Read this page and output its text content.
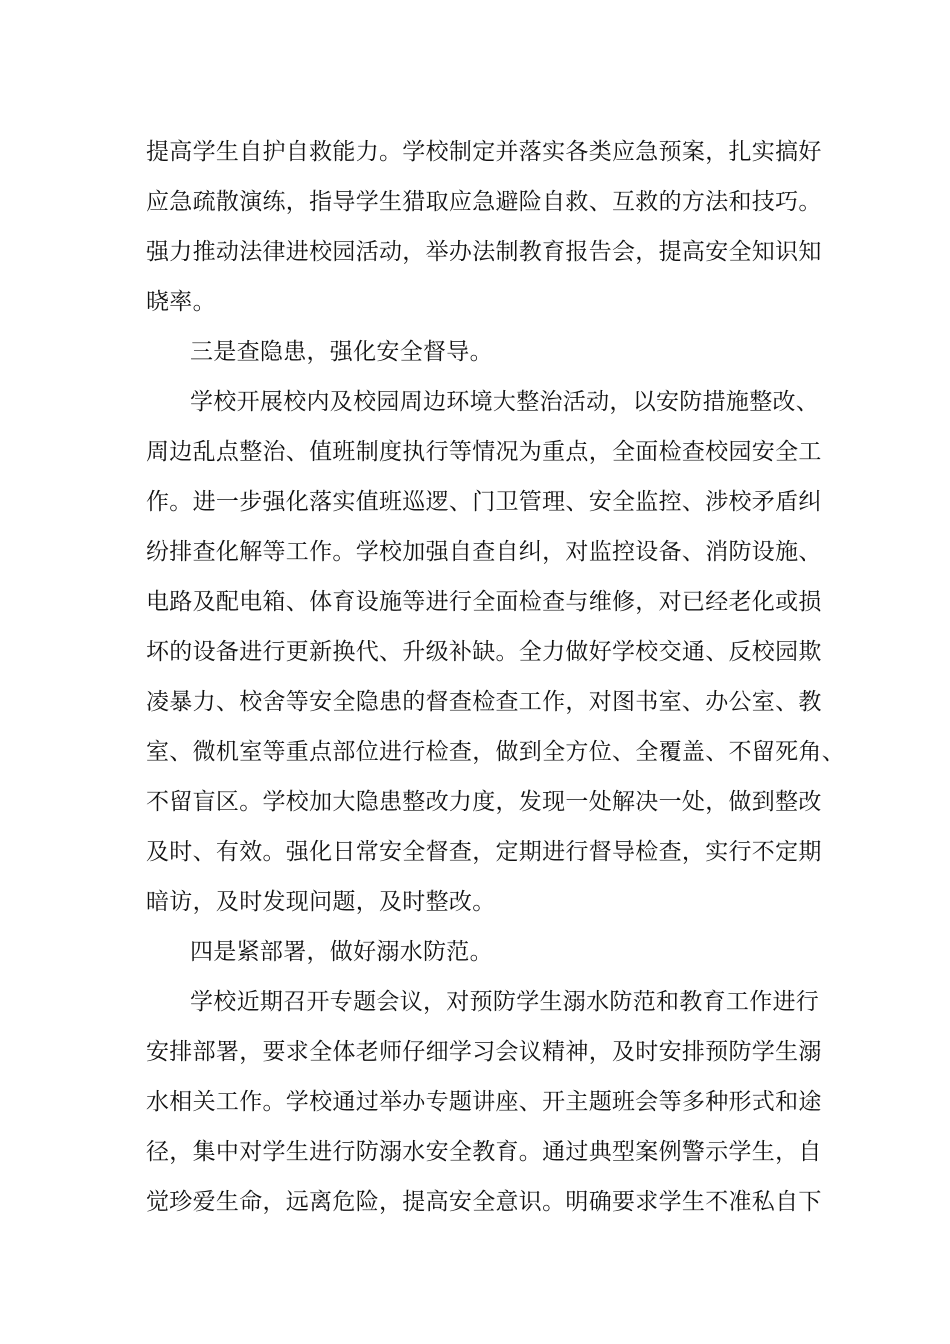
提高学生自护自救能力。学校制定并落实各类应急预案，扎实搞好
应急疏散演练，指导学生猎取应急避险自救、互救的方法和技巧。
强力推动法律进校园活动，举办法制教育报告会，提高安全知识知
晓率。
三是查隐患，强化安全督导。
学校开展校内及校园周边环境大整治活动，以安防措施整改、
周边乱点整治、值班制度执行等情况为重点，全面检查校园安全工
作。进一步强化落实值班巡逻、门卫管理、安全监控、涉校矛盾纠
纷排查化解等工作。学校加强自查自纠，对监控设备、消防设施、
电路及配电箱、体育设施等进行全面检查与维修，对已经老化或损
坏的设备进行更新换代、升级补缺。全力做好学校交通、反校园欺
凌暴力、校舍等安全隐患的督查检查工作，对图书室、办公室、教
室、微机室等重点部位进行检查，做到全方位、全覆盖、不留死角、
不留盲区。学校加大隐患整改力度，发现一处解决一处，做到整改
及时、有效。强化日常安全督查，定期进行督导检查，实行不定期
暗访，及时发现问题，及时整改。
四是紧部署，做好溺水防范。
学校近期召开专题会议，对预防学生溺水防范和教育工作进行
安排部署，要求全体老师仔细学习会议精神，及时安排预防学生溺
水相关工作。学校通过举办专题讲座、开主题班会等多种形式和途
径，集中对学生进行防溺水安全教育。通过典型案例警示学生，自
觉珍爱生命，远离危险，提高安全意识。明确要求学生不准私自下
